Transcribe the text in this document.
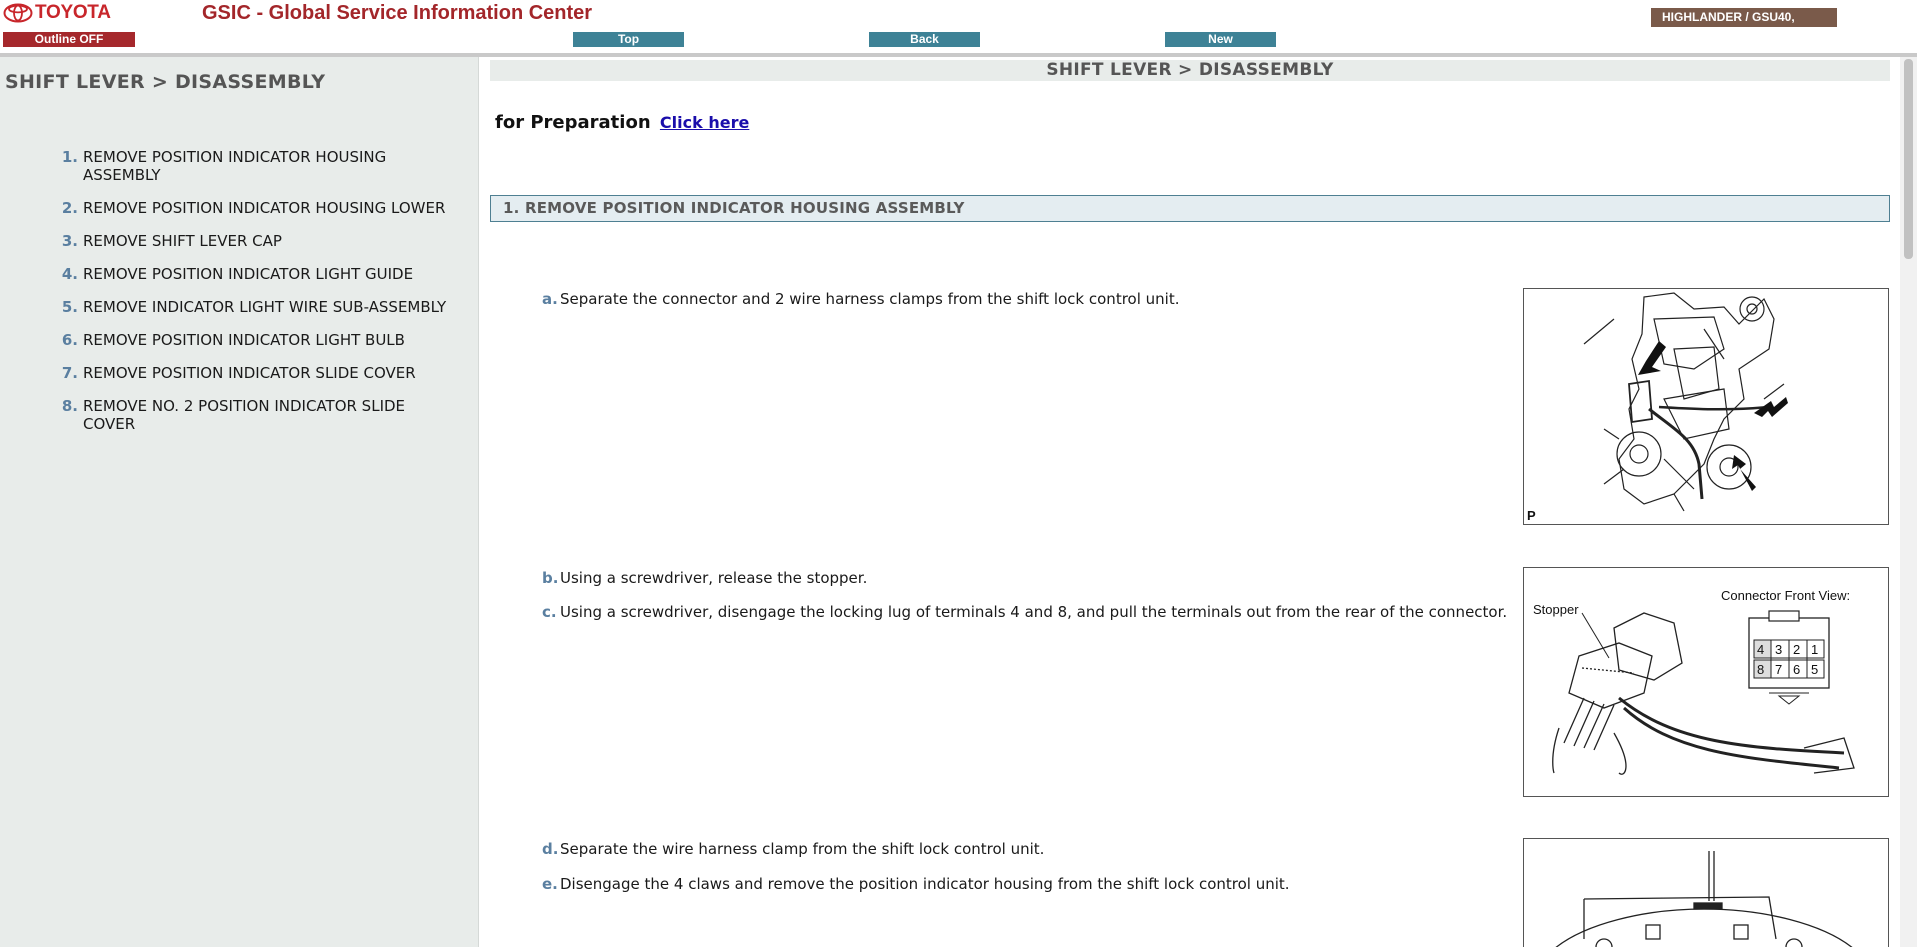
TOYOTA	GSIC - Global Service Information Center	HIGHLANDER / GSU40,
Outline OFF	Top	Back	New
SHIFT LEVER > DISASSEMBLY
1. REMOVE POSITION INDICATOR HOUSING ASSEMBLY
2. REMOVE POSITION INDICATOR HOUSING LOWER
3. REMOVE SHIFT LEVER CAP
4. REMOVE POSITION INDICATOR LIGHT GUIDE
5. REMOVE INDICATOR LIGHT WIRE SUB-ASSEMBLY
6. REMOVE POSITION INDICATOR LIGHT BULB
7. REMOVE POSITION INDICATOR SLIDE COVER
8. REMOVE NO. 2 POSITION INDICATOR SLIDE COVER
SHIFT LEVER > DISASSEMBLY
for Preparation Click here
1. REMOVE POSITION INDICATOR HOUSING ASSEMBLY
a. Separate the connector and 2 wire harness clamps from the shift lock control unit.
b. Using a screwdriver, release the stopper.
c. Using a screwdriver, disengage the locking lug of terminals 4 and 8, and pull the terminals out from the rear of the connector.
d. Separate the wire harness clamp from the shift lock control unit.
e. Disengage the 4 claws and remove the position indicator housing from the shift lock control unit.
P
Stopper
Connector Front View:
4 3 2 1
8 7 6 5
